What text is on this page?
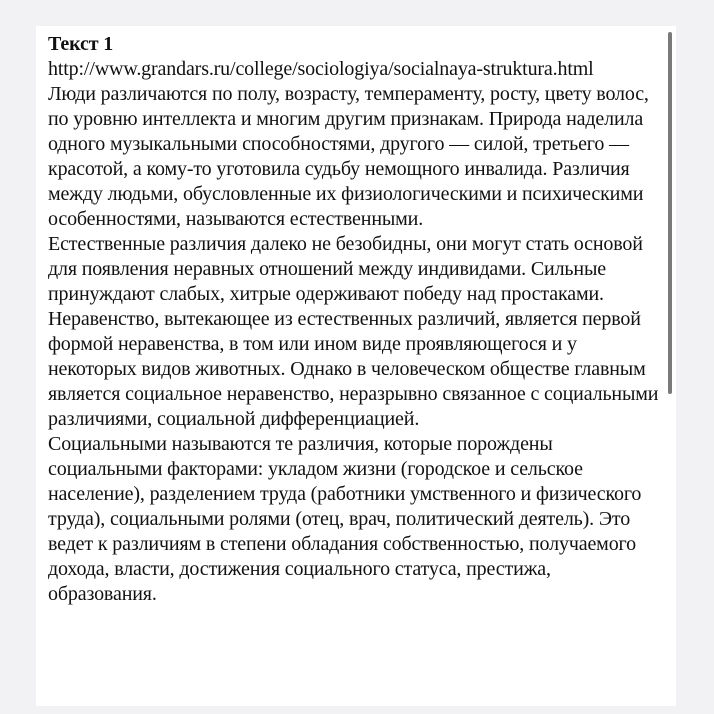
Текст 1

http://www.grandars.ru/college/sociologiya/socialnaya-struktura.html

Люди различаются по полу, возрасту, темпераменту, росту, цвету волос, по уровню интеллекта и многим другим признакам. Природа наделила одного музыкальными способностями, другого — силой, третьего — красотой, а кому-то уготовила судьбу немощного инвалида. Различия между людьми, обусловленные их физиологическими и психическими особенностями, называются естественными.

Естественные различия далеко не безобидны, они могут стать основой для появления неравных отношений между индивидами. Сильные принуждают слабых, хитрые одерживают победу над простаками. Неравенство, вытекающее из естественных различий, является первой формой неравенства, в том или ином виде проявляющегося и у некоторых видов животных. Однако в человеческом обществе главным является социальное неравенство, неразрывно связанное с социальными различиями, социальной дифференциацией.

Социальными называются те различия, которые порождены социальными факторами: укладом жизни (городское и сельское население), разделением труда (работники умственного и физического труда), социальными ролями (отец, врач, политический деятель). Это ведет к различиям в степени обладания собственностью, получаемого дохода, власти, достижения социального статуса, престижа, образования.
